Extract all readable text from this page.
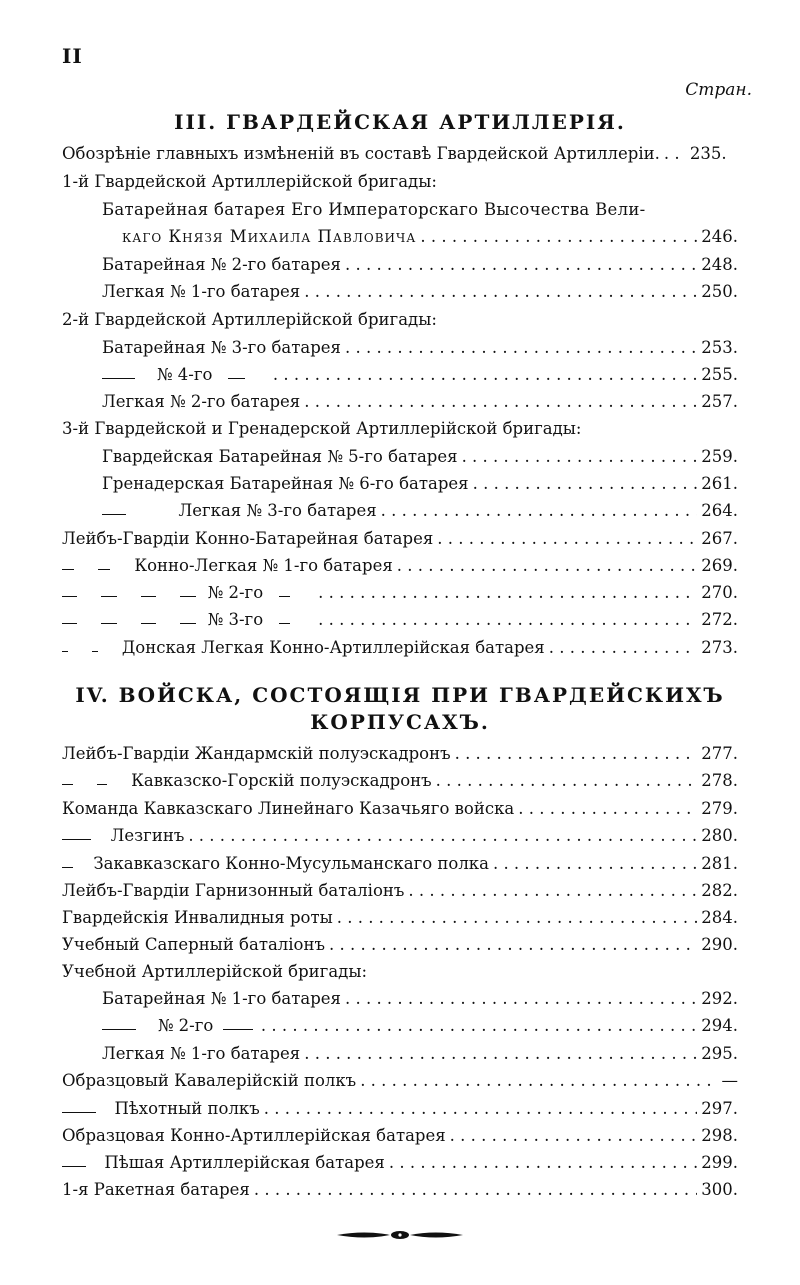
II
Стран.
III. ГВАРДЕЙСКАЯ АРТИЛЛЕРІЯ.
Обозрѣніе главныхъ измѣненій въ составѣ Гвардейской Артиллеріи. . . . 235.
1-й Гвардейской Артиллерійской бригады:
Батарейная батарея Его Императорскаго Высочества Вели-
каго Князя Михаила Павловича . . .	246.
Батарейная № 2-го батарея . . .	248.
Легкая № 1-го батарея . . .	250.
2-й Гвардейской Артиллерійской бригады:
Батарейная № 3-го батарея . . .	253.
№ 4-го . . .	255.
Легкая № 2-го батарея . . .	257.
3-й Гвардейской и Гренадерской Артиллерійской бригады:
Гвардейская Батарейная № 5-го батарея . . .	259.
Гренадерская Батарейная № 6-го батарея . . .	261.
Легкая № 3-го батарея . . .	264.
Лейбъ-Гвардіи Конно-Батарейная батарея . . .	267.
Конно-Легкая № 1-го батарея . . .	269.
№ 2-го . . .	270.
№ 3-го . . .	272.
Донская Легкая Конно-Артиллерійская батарея . . .	273.
IV. ВОЙСКА, СОСТОЯЩІЯ ПРИ ГВАРДЕЙСКИХЪ
КОРПУСАХЪ.
Лейбъ-Гвардіи Жандармскій полуэскадронъ . . .	277.
Кавказско-Горскій полуэскадронъ . . .	278.
Команда Кавказскаго Линейнаго Казачьяго войска . . .	279.
Лезгинъ . . .	280.
Закавказскаго Конно-Мусульманскаго полка . . .	281.
Лейбъ-Гвардіи Гарнизонный баталіонъ . . .	282.
Гвардейскія Инвалидныя роты . . .	284.
Учебный Саперный баталіонъ . . .	290.
Учебной Артиллерійской бригады:
Батарейная № 1-го батарея . . .	292.
№ 2-го . . .	294.
Легкая № 1-го батарея . . .	295.
Образцовый Кавалерійскій полкъ . . .	—
Пѣхотный полкъ . . .	297.
Образцовая Конно-Артиллерійская батарея . . .	298.
Пѣшая Артиллерійская батарея . . .	299.
1-я Ракетная батарея . . .	300.
